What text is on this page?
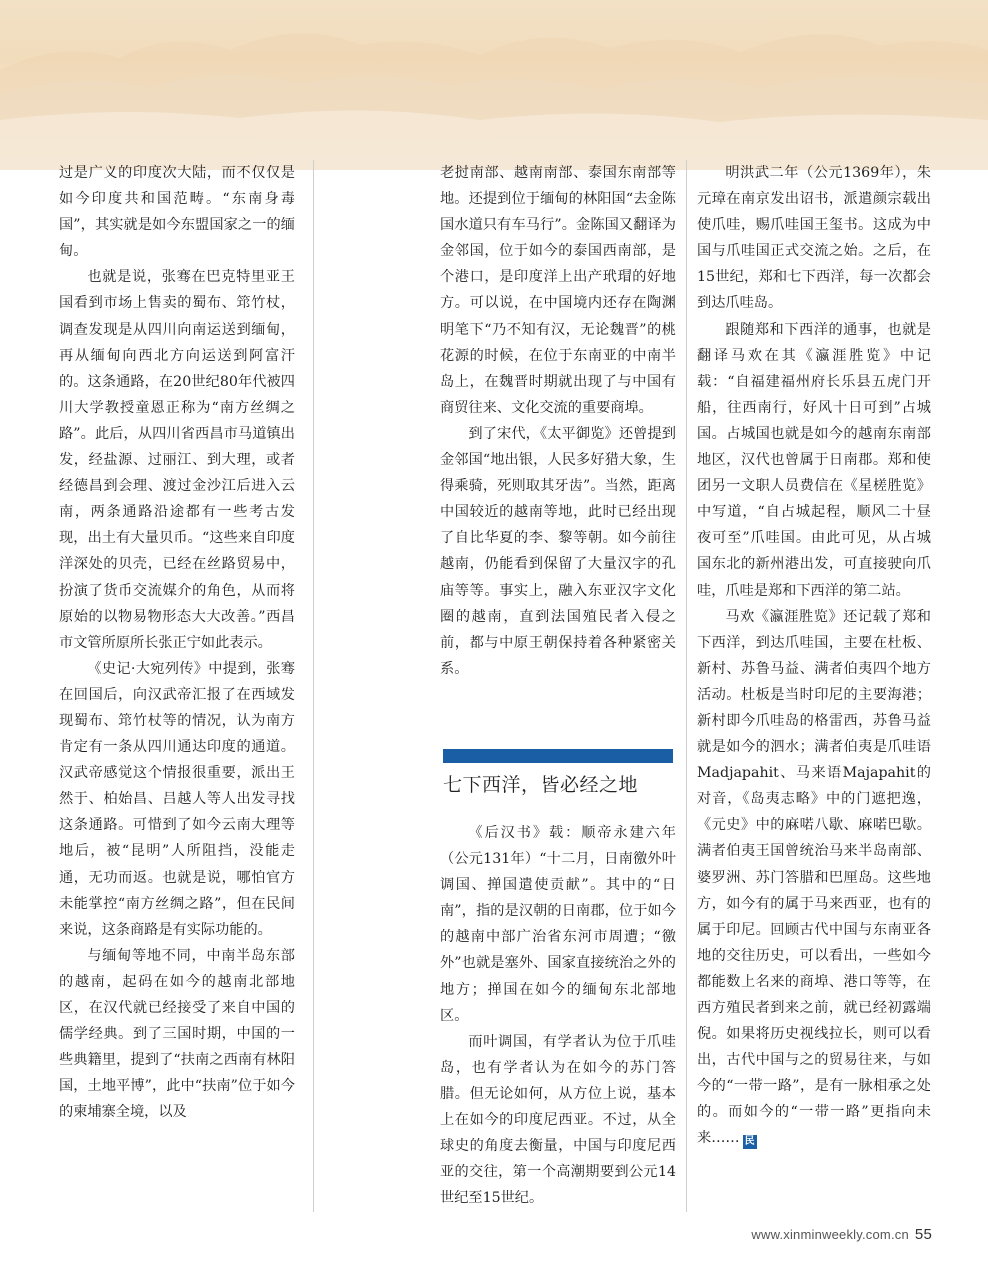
过是广义的印度次大陆，而不仅仅是如今印度共和国范畴。“东南身毒国”，其实就是如今东盟国家之一的缅甸。

也就是说，张骞在巴克特里亚王国看到市场上售卖的蜀布、筇竹杖，调查发现是从四川向南运送到缅甸，再从缅甸向西北方向运送到阿富汗的。这条通路，在20世纪80年代被四川大学教授童恩正称为“南方丝绸之路”。此后，从四川省西昌市马道镇出发，经盐源、过丽江、到大理，或者经德昌到会理、渡过金沙江后进入云南，两条通路沿途都有一些考古发现，出土有大量贝币。“这些来自印度洋深处的贝壳，已经在丝路贸易中，扮演了货币交流媒介的角色，从而将原始的以物易物形态大大改善。”西昌市文管所原所长张正宁如此表示。

《史记·大宛列传》中提到，张骞在回国后，向汉武帝汇报了在西域发现蜀布、筇竹杖等的情况，认为南方肯定有一条从四川通达印度的通道。汉武帝感觉这个情报很重要，派出王然于、柏始昌、吕越人等人出发寻找这条通路。可惜到了如今云南大理等地后，被“昆明”人所阻挡，没能走通，无功而返。也就是说，哪怕官方未能掌控“南方丝绸之路”，但在民间来说，这条商路是有实际功能的。

与缅甸等地不同，中南半岛东部的越南，起码在如今的越南北部地区，在汉代就已经接受了来自中国的儒学经典。到了三国时期，中国的一些典籍里，提到了“扶南之西南有林阳国，土地平博”，此中“扶南”位于如今的柬埔寨全境，以及

老挝南部、越南南部、泰国东南部等地。还提到位于缅甸的林阳国“去金陈国水道只有车马行”。金陈国又翻译为金邻国，位于如今的泰国西南部，是个港口，是印度洋上出产玳瑁的好地方。可以说，在中国境内还存在陶渊明笔下“乃不知有汉，无论魏晋”的桃花源的时候，在位于东南亚的中南半岛上，在魏晋时期就出现了与中国有商贸往来、文化交流的重要商埠。

到了宋代，《太平御览》还曾提到金邻国“地出银，人民多好猎大象，生得乘骑，死则取其牙齿”。当然，距离中国较近的越南等地，此时已经出现了自比华夏的李、黎等朝。如今前往越南，仍能看到保留了大量汉字的孔庙等等。事实上，融入东亚汉字文化圈的越南，直到法国殖民者入侵之前，都与中原王朝保持着各种紧密关系。

七下西洋，皆必经之地

《后汉书》载：顺帝永建六年（公元131年）“十二月，日南徼外叶调国、掸国遣使贡献”。其中的“日南”，指的是汉朝的日南郡，位于如今的越南中部广治省东河市周遭；“徼外”也就是塞外、国家直接统治之外的地方；掸国在如今的缅甸东北部地区。

而叶调国，有学者认为位于爪哇岛，也有学者认为在如今的苏门答腊。但无论如何，从方位上说，基本上在如今的印度尼西亚。不过，从全球史的角度去衡量，中国与印度尼西亚的交往，第一个高潮期要到公元14世纪至15世纪。

明洪武二年（公元1369年），朱元璋在南京发出诏书，派遣颜宗载出使爪哇，赐爪哇国王玺书。这成为中国与爪哇国正式交流之始。之后，在15世纪，郑和七下西洋，每一次都会到达爪哇岛。

跟随郑和下西洋的通事，也就是翻译马欢在其《瀛涯胜览》中记载：“自福建福州府长乐县五虎门开船，往西南行，好风十日可到”占城国。占城国也就是如今的越南东南部地区，汉代也曾属于日南郡。郑和使团另一文职人员费信在《星槎胜览》中写道，“自占城起程，顺风二十昼夜可至”爪哇国。由此可见，从占城国东北的新州港出发，可直接驶向爪哇，爪哇是郑和下西洋的第二站。

马欢《瀛涯胜览》还记载了郑和下西洋，到达爪哇国，主要在杜板、新村、苏鲁马益、满者伯夷四个地方活动。杜板是当时印尼的主要海港；新村即今爪哇岛的格雷西，苏鲁马益就是如今的泗水；满者伯夷是爪哇语Madjapahit、马来语Majapahit的对音，《岛夷志略》中的门遮把逸，《元史》中的麻喏八歇、麻喏巴歇。满者伯夷王国曾统治马来半岛南部、婆罗洲、苏门答腊和巴厘岛。这些地方，如今有的属于马来西亚，也有的属于印尼。回顾古代中国与东南亚各地的交往历史，可以看出，一些如今都能数上名来的商埠、港口等等，在西方殖民者到来之前，就已经初露端倪。如果将历史视线拉长，则可以看出，古代中国与之的贸易往来，与如今的“一带一路”，是有一脉相承之处的。而如今的“一带一路”更指向未来…… 民

www.xinminweekly.com.cn 55
